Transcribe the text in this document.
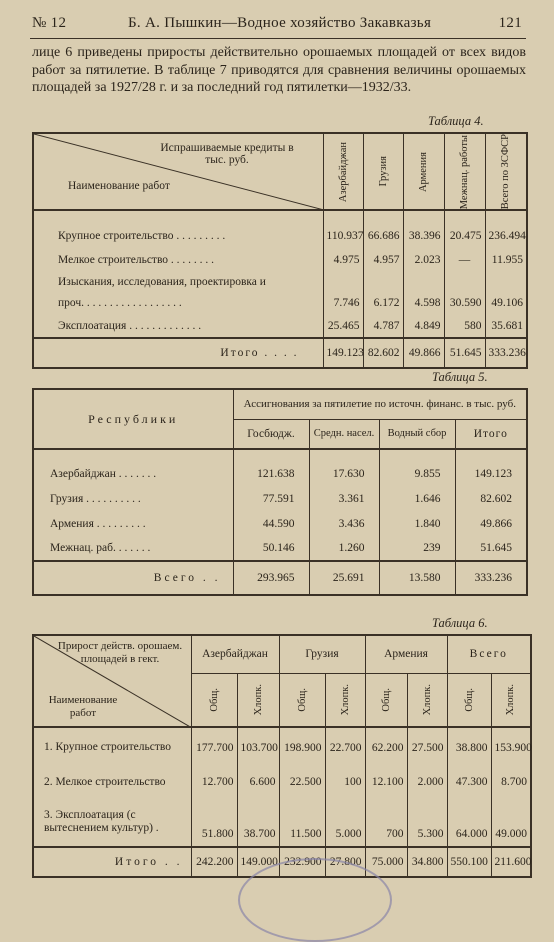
№ 12	Б. А. Пышкин—Водное хозяйство Закавказья	121
лице 6 приведены приросты действительно орошаемых площадей от всех видов работ за пятилетие. В таблице 7 приводятся для сравнения величины орошаемых площадей за 1927/28 г. и за последний год пятилетки—1932/33.
Таблица 4.
Испрашиваемые кредиты в тыс. руб.
Наименование работ	Азербайджан	Грузия	Армения	Межнац. работы	Всего по ЗСФСР

Крупное строительство . . . . . . . . .	110.937	66.686	38.396	20.475	236.494
Мелкое строительство . . . . . . . .	4.975	4.957	2.023	—	11.955
Изыскания, исследования, проектировка и					
проч. . . . . . . . . . . . . . . . . .	7.746	6.172	4.598	30.590	49.106
Эксплоатация . . . . . . . . . . . . .	25.465	4.787	4.849	580	35.681
Итого . . . .	149.123	82.602	49.866	51.645	333.236
Таблица 5.
Республики	Ассигнования за пятилетие по источн. финанс. в тыс. руб.			
	Госбюдж.	Средн. насел.	Водный сбор	Итого

Азербайджан . . . . . . .	121.638	17.630	9.855	149.123
Грузия . . . . . . . . . .	77.591	3.361	1.646	82.602
Армения . . . . . . . . .	44.590	3.436	1.840	49.866
Межнац. раб. . . . . . .	50.146	1.260	239	51.645
Всего . .	293.965	25.691	13.580	333.236
Таблица 6.
Прирост действ. орошаем. площадей в гект.
Наименование работ	Азербайджан		Грузия		Армения		Всего	

	Общ.	Хлопк.	Общ.	Хлопк.	Общ.	Хлопк.	Общ.	Хлопк.

1. Крупное строительство	177.700	103.700	198.900	22.700	62.200	27.500	38.800	153.900
2. Мелкое строительство	12.700	6.600	22.500	100	12.100	2.000	47.300	8.700
3. Эксплоатация (с вытеснением культур) .	51.800	38.700	11.500	5.000	700	5.300	64.000	49.000
Итого . .	242.200	149.000	232.900	27.800	75.000	34.800	550.100	211.600
